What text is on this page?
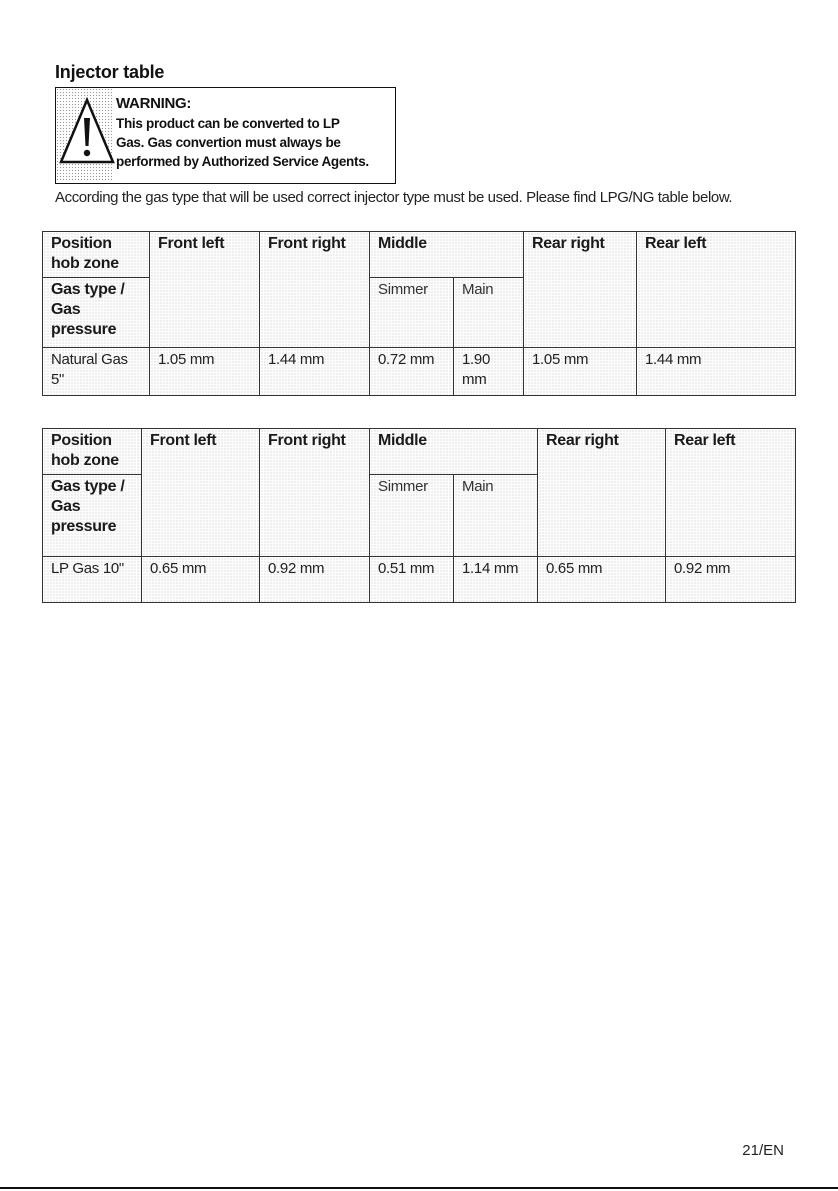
Injector table
WARNING:
This product can be converted to LP
Gas. Gas convertion must always be
performed by Authorized Service Agents.
According the gas type that will be used correct injector type must be used. Please find LPG/NG table below.
Position hob zone	Front left	Front right	Middle		Rear right	Rear left
Gas type / Gas pressure			Simmer	Main		
Natural Gas 5"	1.05 mm	1.44 mm	0.72 mm	1.90 mm	1.05 mm	1.44 mm
Position hob zone	Front left	Front right	Middle		Rear right	Rear left
Gas type / Gas pressure			Simmer	Main		
LP Gas 10"	0.65 mm	0.92 mm	0.51 mm	1.14 mm	0.65 mm	0.92 mm
21/EN
